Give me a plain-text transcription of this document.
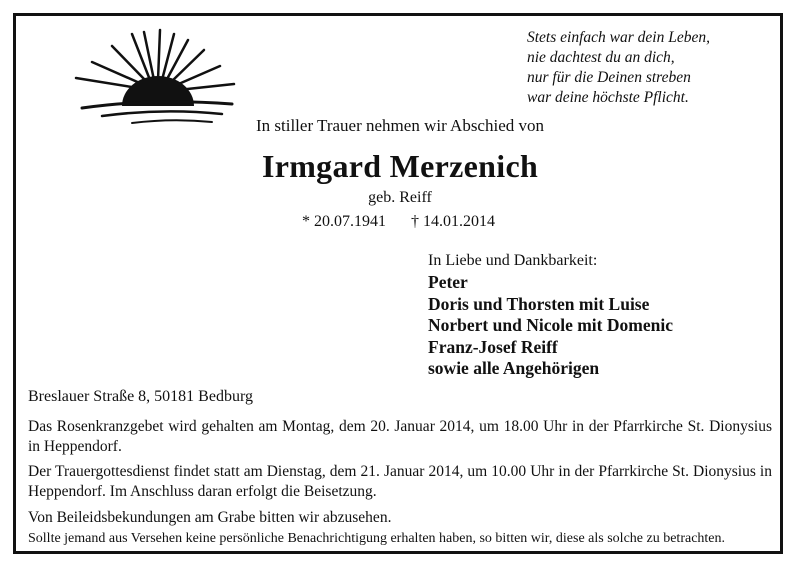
Stets einfach war dein Leben,
nie dachtest du an dich,
nur für die Deinen streben
war deine höchste Pflicht.
In stiller Trauer nehmen wir Abschied von
Irmgard Merzenich
geb. Reiff
* 20.07.1941 † 14.01.2014
In Liebe und Dankbarkeit:
Peter
Doris und Thorsten mit Luise
Norbert und Nicole mit Domenic
Franz-Josef Reiff
sowie alle Angehörigen
Breslauer Straße 8, 50181 Bedburg
Das Rosenkranzgebet wird gehalten am Montag, dem 20. Januar 2014, um 18.00 Uhr in der Pfarrkirche St. Dionysius in Heppendorf.
Der Trauergottesdienst findet statt am Dienstag, dem 21. Januar 2014, um 10.00 Uhr in der Pfarrkirche St. Dionysius in Heppendorf. Im Anschluss daran erfolgt die Beisetzung.
Von Beileidsbekundungen am Grabe bitten wir abzusehen.
Sollte jemand aus Versehen keine persönliche Benachrichtigung erhalten haben, so bitten wir, diese als solche zu betrachten.
